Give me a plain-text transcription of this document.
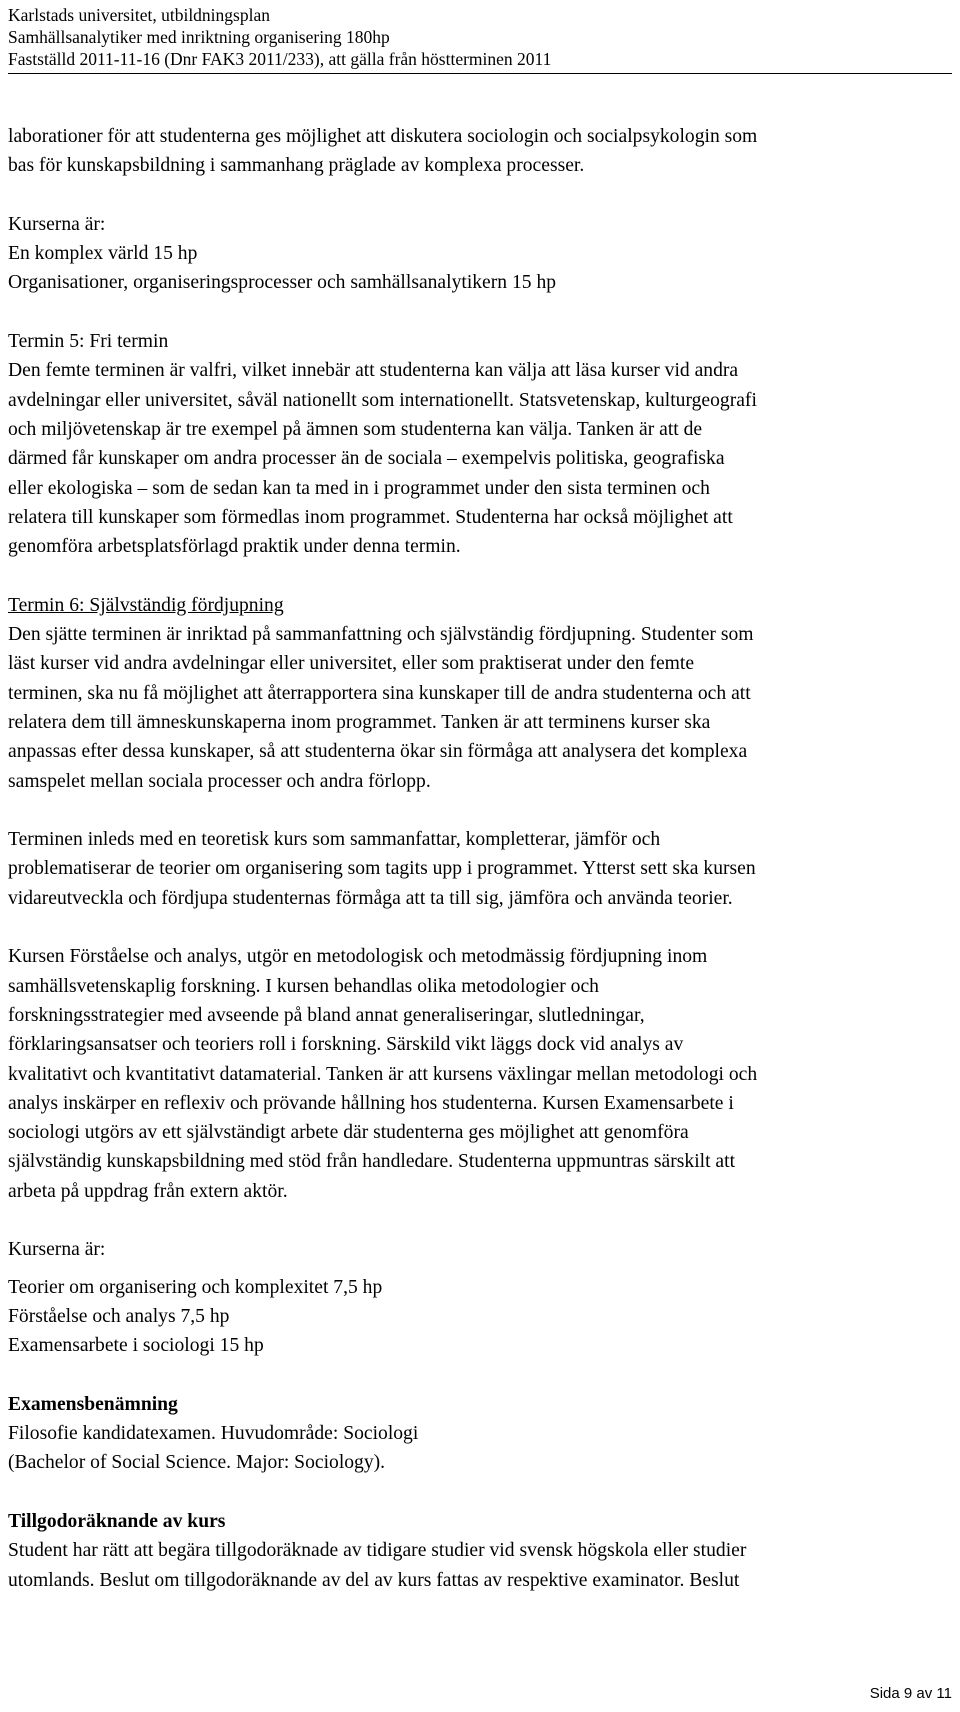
Karlstads universitet, utbildningsplan
Samhällsanalytiker med inriktning organisering 180hp
Fastställd 2011-11-16 (Dnr FAK3 2011/233), att gälla från höstterminen 2011

laborationer för att studenterna ges möjlighet att diskutera sociologin och socialpsykologin som
bas för kunskapsbildning i sammanhang präglade av komplexa processer.

Kurserna är:
En komplex värld 15 hp
Organisationer, organiseringsprocesser och samhällsanalytikern 15 hp

Termin 5: Fri termin
Den femte terminen är valfri, vilket innebär att studenterna kan välja att läsa kurser vid andra
avdelningar eller universitet, såväl nationellt som internationellt. Statsvetenskap, kulturgeografi
och miljövetenskap är tre exempel på ämnen som studenterna kan välja. Tanken är att de
därmed får kunskaper om andra processer än de sociala – exempelvis politiska, geografiska
eller ekologiska – som de sedan kan ta med in i programmet under den sista terminen och
relatera till kunskaper som förmedlas inom programmet. Studenterna har också möjlighet att
genomföra arbetsplatsförlagd praktik under denna termin.

Termin 6: Självständig fördjupning
Den sjätte terminen är inriktad på sammanfattning och självständig fördjupning. Studenter som
läst kurser vid andra avdelningar eller universitet, eller som praktiserat under den femte
terminen, ska nu få möjlighet att återrapportera sina kunskaper till de andra studenterna och att
relatera dem till ämneskunskaperna inom programmet. Tanken är att terminens kurser ska
anpassas efter dessa kunskaper, så att studenterna ökar sin förmåga att analysera det komplexa
samspelet mellan sociala processer och andra förlopp.

Terminen inleds med en teoretisk kurs som sammanfattar, kompletterar, jämför och
problematiserar de teorier om organisering som tagits upp i programmet. Ytterst sett ska kursen
vidareutveckla och fördjupa studenternas förmåga att ta till sig, jämföra och använda teorier.

Kursen Förståelse och analys, utgör en metodologisk och metodmässig fördjupning inom
samhällsvetenskaplig forskning. I kursen behandlas olika metodologier och
forskningsstrategier med avseende på bland annat generaliseringar, slutledningar,
förklaringsansatser och teoriers roll i forskning. Särskild vikt läggs dock vid analys av
kvalitativt och kvantitativt datamaterial. Tanken är att kursens växlingar mellan metodologi och
analys inskärper en reflexiv och prövande hållning hos studenterna. Kursen Examensarbete i
sociologi utgörs av ett självständigt arbete där studenterna ges möjlighet att genomföra
självständig kunskapsbildning med stöd från handledare. Studenterna uppmuntras särskilt att
arbeta på uppdrag från extern aktör.

Kurserna är:

Teorier om organisering och komplexitet 7,5 hp
Förståelse och analys 7,5 hp
Examensarbete i sociologi 15 hp

Examensbenämning
Filosofie kandidatexamen. Huvudområde: Sociologi
(Bachelor of Social Science. Major: Sociology).

Tillgodoräknande av kurs
Student har rätt att begära tillgodoräknade av tidigare studier vid svensk högskola eller studier
utomlands. Beslut om tillgodoräknande av del av kurs fattas av respektive examinator. Beslut

Sida 9 av 11
